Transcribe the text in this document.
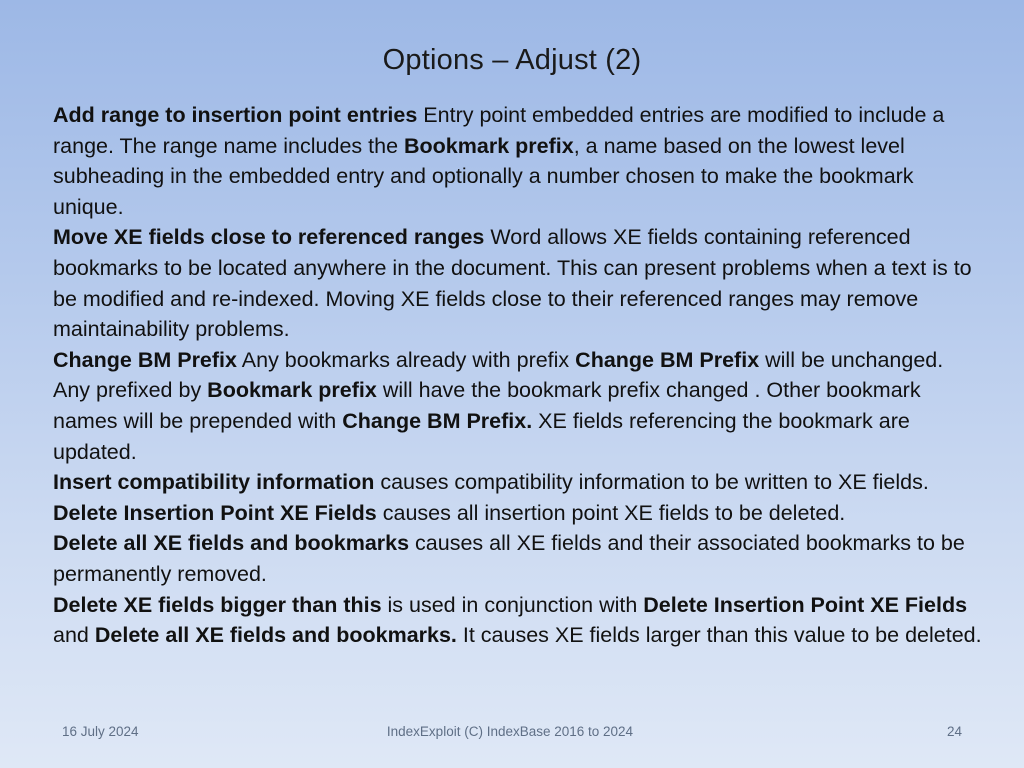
Options – Adjust (2)

Add range to insertion point entries Entry point embedded entries are modified to include a range. The range name includes the Bookmark prefix, a name based on the lowest level subheading in the embedded entry and optionally a number chosen to make the bookmark unique.

Move XE fields close to referenced ranges Word allows XE fields containing referenced bookmarks to be located anywhere in the document. This can present problems when a text is to be modified and re-indexed. Moving XE fields close to their referenced ranges may remove maintainability problems.

Change BM Prefix Any bookmarks already with prefix Change BM Prefix will be unchanged. Any prefixed by Bookmark prefix will have the bookmark prefix changed . Other bookmark names will be prepended with Change BM Prefix. XE fields referencing the bookmark are updated.

Insert compatibility information causes compatibility information to be written to XE fields.

Delete Insertion Point XE Fields causes all insertion point XE fields to be deleted.

Delete all XE fields and bookmarks causes all XE fields and their associated bookmarks to be permanently removed.

Delete XE fields bigger than this is used in conjunction with Delete Insertion Point XE Fields and Delete all XE fields and bookmarks. It causes XE fields larger than this value to be deleted.

16 July 2024	IndexExploit (C) IndexBase 2016 to 2024	24
